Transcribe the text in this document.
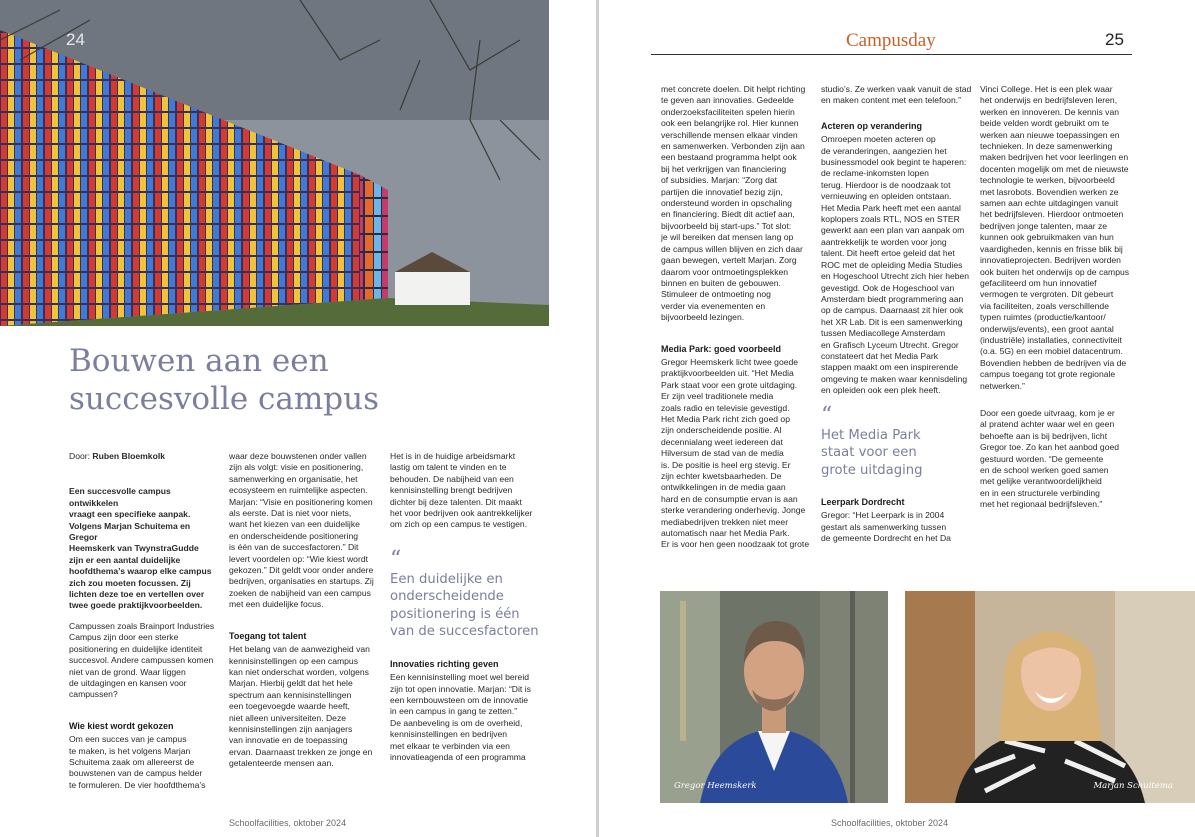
24
Bouwen aan een succesvolle campus

Door: Ruben Bloemkolk

Een succesvolle campus ontwikkelen
vraagt een specifieke aanpak.
Volgens Marjan Schuitema en Gregor
Heemskerk van TwynstraGudde
zijn er een aantal duidelijke
hoofdthema’s waarop elke campus
zich zou moeten focussen. Zij
lichten deze toe en vertellen over
twee goede praktijkvoorbeelden.

Campussen zoals Brainport Industries
Campus zijn door een sterke
positionering en duidelijke identiteit
succesvol. Andere campussen komen
niet van de grond. Waar liggen
de uitdagingen en kansen voor
campussen?

Wie kiest wordt gekozen

Om een succes van je campus
te maken, is het volgens Marjan
Schuitema zaak om allereerst de
bouwstenen van de campus helder
te formuleren. De vier hoofdthema’s

waar deze bouwstenen onder vallen
zijn als volgt: visie en positionering,
samenwerking en organisatie, het
ecosysteem en ruimtelijke aspecten.
Marjan: “Visie en positionering komen
als eerste. Dat is niet voor niets,
want het kiezen van een duidelijke
en onderscheidende positionering
is één van de succesfactoren.” Dit
levert voordelen op: “Wie kiest wordt
gekozen.” Dit geldt voor onder andere
bedrijven, organisaties en startups. Zij
zoeken de nabijheid van een campus
met een duidelijke focus.

Toegang tot talent

Het belang van de aanwezigheid van
kennisinstellingen op een campus
kan niet onderschat worden, volgens
Marjan. Hierbij geldt dat het hele
spectrum aan kennisinstellingen
een toegevoegde waarde heeft,
niet alleen universiteiten. Deze
kennisinstellingen zijn aanjagers
van innovatie en de toepassing
ervan. Daarnaast trekken ze jonge en
getalenteerde mensen aan.

Het is in de huidige arbeidsmarkt
lastig om talent te vinden en te
behouden. De nabijheid van een
kennisinstelling brengt bedrijven
dichter bij deze talenten. Dit maakt
het voor bedrijven ook aantrekkelijker
om zich op een campus te vestigen.

“
Een duidelijke en
onderscheidende
positionering is één
van de succesfactoren
Innovaties richting geven

Een kennisinstelling moet wel bereid
zijn tot open innovatie. Marjan: “Dit is
een kernbouwsteen om de innovatie
in een campus in gang te zetten.”
De aanbeveling is om de overheid,
kennisinstellingen en bedrijven
met elkaar te verbinden via een
innovatieagenda of een programma

Schoolfacilities, oktober 2024
Campusday	25

met concrete doelen. Dit helpt richting
te geven aan innovaties. Gedeelde
onderzoeksfaciliteiten spelen hierin
ook een belangrijke rol. Hier kunnen
verschillende mensen elkaar vinden
en samenwerken. Verbonden zijn aan
een bestaand programma helpt ook
bij het verkrijgen van financiering
of subsidies. Marjan: “Zorg dat
partijen die innovatief bezig zijn,
ondersteund worden in opschaling
en financiering. Biedt dit actief aan,
bijvoorbeeld bij start-ups.” Tot slot:
je wil bereiken dat mensen lang op
de campus willen blijven en zich daar
gaan bewegen, vertelt Marjan. Zorg
daarom voor ontmoetingsplekken
binnen en buiten de gebouwen.
Stimuleer de ontmoeting nog
verder via evenementen en
bijvoorbeeld lezingen.

Media Park: goed voorbeeld

Gregor Heemskerk licht twee goede
praktijkvoorbeelden uit. “Het Media
Park staat voor een grote uitdaging.
Er zijn veel traditionele media
zoals radio en televisie gevestigd.
Het Media Park richt zich goed op
zijn onderscheidende positie. Al
decennialang weet iedereen dat
Hilversum de stad van de media
is. De positie is heel erg stevig. Er
zijn echter kwetsbaarheden. De
ontwikkelingen in de media gaan
hard en de consumptie ervan is aan
sterke verandering onderhevig. Jonge
mediabedrijven trekken niet meer
automatisch naar het Media Park.
Er is voor hen geen noodzaak tot grote

studio’s. Ze werken vaak vanuit de stad
en maken content met een telefoon.”

Acteren op verandering

Omroepen moeten acteren op
de veranderingen, aangezien het
businessmodel ook begint te haperen:
de reclame-inkomsten lopen
terug. Hierdoor is de noodzaak tot
vernieuwing en opleiden ontstaan.
Het Media Park heeft met een aantal
koplopers zoals RTL, NOS en STER
gewerkt aan een plan van aanpak om
aantrekkelijk te worden voor jong
talent. Dit heeft ertoe geleid dat het
ROC met de opleiding Media Studies
en Hogeschool Utrecht zich hier heben
gevestigd. Ook de Hogeschool van
Amsterdam biedt programmering aan
op de campus. Daarnaast zit hier ook
het XR Lab. Dit is een samenwerking
tussen Mediacollege Amsterdam
en Grafisch Lyceum Utrecht. Gregor
constateert dat het Media Park
stappen maakt om een inspirerende
omgeving te maken waar kennisdeling
en opleiden ook een plek heeft.

“
Het Media Park
staat voor een
grote uitdaging
Leerpark Dordrecht

Gregor: “Het Leerpark is in 2004
gestart als samenwerking tussen
de gemeente Dordrecht en het Da

Vinci College. Het is een plek waar
het onderwijs en bedrijfsleven leren,
werken en innoveren. De kennis van
beide velden wordt gebruikt om te
werken aan nieuwe toepassingen en
technieken. In deze samenwerking
maken bedrijven het voor leerlingen en
docenten mogelijk om met de nieuwste
technologie te werken, bijvoorbeeld
met lasrobots. Bovendien werken ze
samen aan echte uitdagingen vanuit
het bedrijfsleven. Hierdoor ontmoeten
bedrijven jonge talenten, maar ze
kunnen ook gebruikmaken van hun
vaardigheden, kennis en frisse blik bij
innovatieprojecten. Bedrijven worden
ook buiten het onderwijs op de campus
gefaciliteerd om hun innovatief
vermogen te vergroten. Dit gebeurt
via faciliteiten, zoals verschillende
typen ruimtes (productie/kantoor/
onderwijs/events), een groot aantal
(industriële) installaties, connectiviteit
(o.a. 5G) en een mobiel datacentrum.
Bovendien hebben de bedrijven via de
campus toegang tot grote regionale
netwerken.”

Door een goede uitvraag, kom je er
al pratend achter waar wel en geen
behoefte aan is bij bedrijven, licht
Gregor toe. Zo kan het aanbod goed
gestuurd worden. “De gemeente
en de school werken goed samen
met gelijke verantwoordelijkheid
en in een structurele verbinding
met het regionaal bedrijfsleven.”

Gregor Heemskerk	Marjan Schuitema
Schoolfacilities, oktober 2024
